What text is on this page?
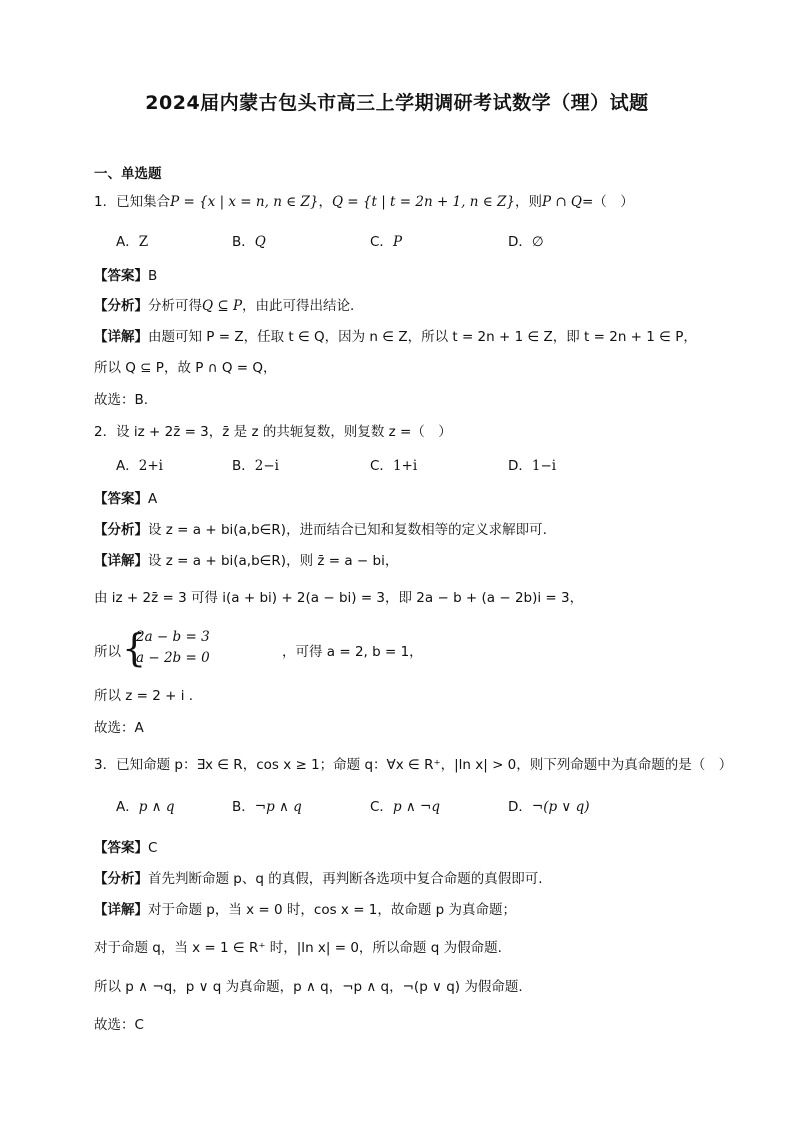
2024届内蒙古包头市高三上学期调研考试数学（理）试题
一、单选题
1．已知集合P = {x | x = n, n ∈ Z}，Q = {t | t = 2n + 1, n ∈ Z}，则P ∩ Q=（　）
A．Z	B．Q	C．P	D．∅
【答案】B
【分析】分析可得Q ⊆ P，由此可得出结论.
【详解】由题可知 P = Z，任取 t ∈ Q，因为 n ∈ Z，所以 t = 2n + 1 ∈ Z，即 t = 2n + 1 ∈ P，
所以 Q ⊆ P，故 P ∩ Q = Q，
故选：B.
2．设 iz + 2z̄ = 3，z̄ 是 z 的共轭复数，则复数 z =（　）
A．2+i	B．2−i	C．1+i	D．1−i
【答案】A
【分析】设 z = a + bi(a,b∈R)，进而结合已知和复数相等的定义求解即可.
【详解】设 z = a + bi(a,b∈R)，则 z̄ = a − bi，
由 iz + 2z̄ = 3 可得 i(a + bi) + 2(a − bi) = 3，即 2a − b + (a − 2b)i = 3，
所以 {
2a − b = 3
a − 2b = 0	，可得 a = 2, b = 1，
所以 z = 2 + i .
故选：A
3．已知命题 p：∃x ∈ R，cos x ≥ 1；命题 q：∀x ∈ R⁺，|ln x| > 0，则下列命题中为真命题的是（　）
A．p ∧ q	B．¬p ∧ q	C．p ∧ ¬q	D．¬(p ∨ q)
【答案】C
【分析】首先判断命题 p、q 的真假，再判断各选项中复合命题的真假即可.
【详解】对于命题 p，当 x = 0 时，cos x = 1，故命题 p 为真命题；
对于命题 q，当 x = 1 ∈ R⁺ 时，|ln x| = 0，所以命题 q 为假命题.
所以 p ∧ ¬q，p ∨ q 为真命题，p ∧ q，¬p ∧ q，¬(p ∨ q) 为假命题.
故选：C
